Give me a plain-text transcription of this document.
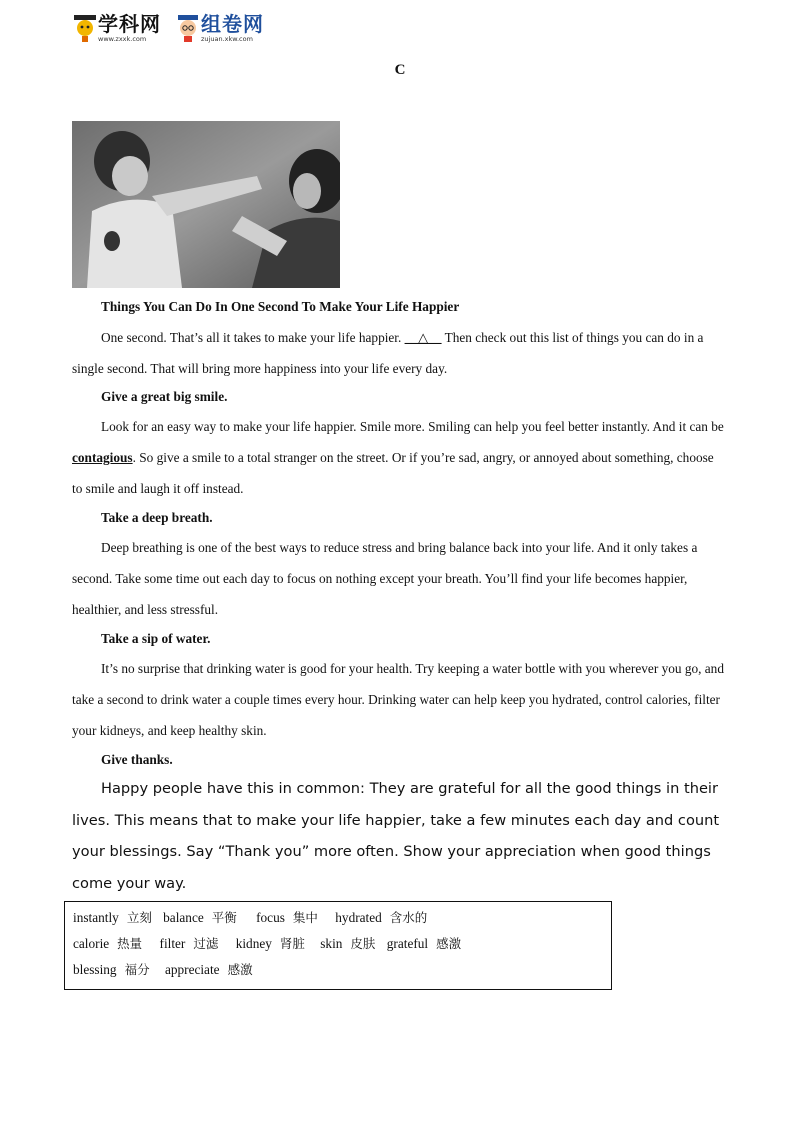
学科网
www.zxxk.com
组卷网
zujuan.xkw.com
C
Things You Can Do In One Second To Make Your Life Happier

One second. That’s all it takes to make your life happier. __△__ Then check out this list of things you can do in a single second. That will bring more happiness into your life every day.

Give a great big smile.

Look for an easy way to make your life happier. Smile more. Smiling can help you feel better instantly. And it can be contagious. So give a smile to a total stranger on the street. Or if you’re sad, angry, or annoyed about something, choose to smile and laugh it off instead.

Take a deep breath.

Deep breathing is one of the best ways to reduce stress and bring balance back into your life. And it only takes a second. Take some time out each day to focus on nothing except your breath. You’ll find your life becomes happier, healthier, and less stressful.

Take a sip of water.

It’s no surprise that drinking water is good for your health. Try keeping a water bottle with you wherever you go, and take a second to drink water a couple times every hour. Drinking water can help keep you hydrated, control calories, filter your kidneys, and keep healthy skin.

Give thanks.

Happy people have this in common: They are grateful for all the good things in their lives. This means that to make your life happier, take a few minutes each day and count your blessings. Say “Thank you” more often. Show your appreciation when good things come your way.

instantly 立刻 balance 平衡 focus 集中 hydrated 含水的
calorie 热量 filter 过滤 kidney 肾脏 skin 皮肤 grateful 感激
blessing 福分 appreciate 感激
